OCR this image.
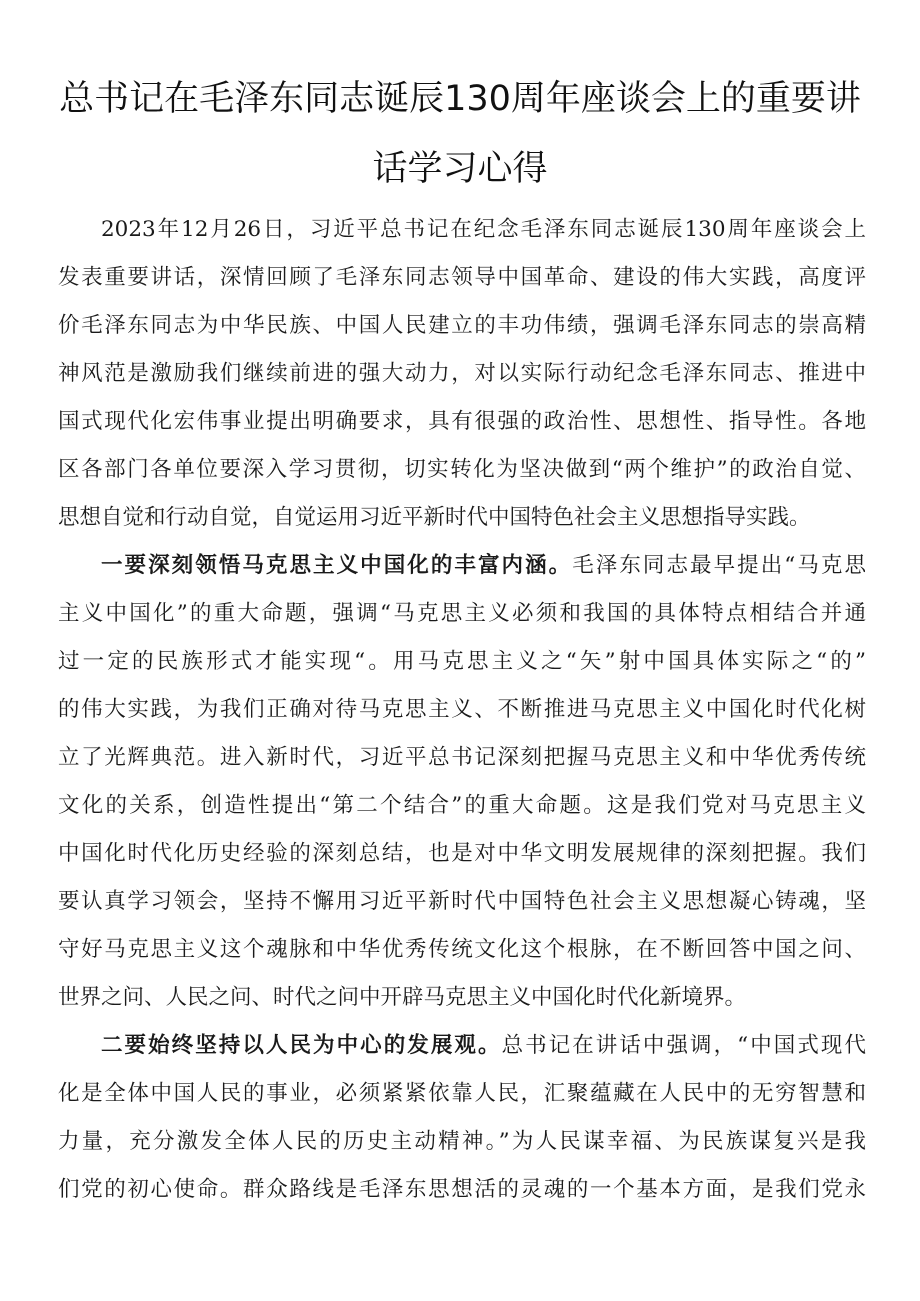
总书记在毛泽东同志诞辰130周年座谈会上的重要讲
话学习心得
2023年12月26日，习近平总书记在纪念毛泽东同志诞辰130周年座谈会上
发表重要讲话，深情回顾了毛泽东同志领导中国革命、建设的伟大实践，高度评
价毛泽东同志为中华民族、中国人民建立的丰功伟绩，强调毛泽东同志的崇高精
神风范是激励我们继续前进的强大动力，对以实际行动纪念毛泽东同志、推进中
国式现代化宏伟事业提出明确要求，具有很强的政治性、思想性、指导性。各地
区各部门各单位要深入学习贯彻，切实转化为坚决做到“两个维护”的政治自觉、
思想自觉和行动自觉，自觉运用习近平新时代中国特色社会主义思想指导实践。
一要深刻领悟马克思主义中国化的丰富内涵。毛泽东同志最早提出“马克思
主义中国化”的重大命题，强调“马克思主义必须和我国的具体特点相结合并通
过一定的民族形式才能实现“。用马克思主义之“矢”射中国具体实际之“的”
的伟大实践，为我们正确对待马克思主义、不断推进马克思主义中国化时代化树
立了光辉典范。进入新时代，习近平总书记深刻把握马克思主义和中华优秀传统
文化的关系，创造性提出“第二个结合”的重大命题。这是我们党对马克思主义
中国化时代化历史经验的深刻总结，也是对中华文明发展规律的深刻把握。我们
要认真学习领会，坚持不懈用习近平新时代中国特色社会主义思想凝心铸魂，坚
守好马克思主义这个魂脉和中华优秀传统文化这个根脉，在不断回答中国之问、
世界之问、人民之问、时代之问中开辟马克思主义中国化时代化新境界。
二要始终坚持以人民为中心的发展观。总书记在讲话中强调，“中国式现代
化是全体中国人民的事业，必须紧紧依靠人民，汇聚蕴藏在人民中的无穷智慧和
力量，充分激发全体人民的历史主动精神。”为人民谋幸福、为民族谋复兴是我
们党的初心使命。群众路线是毛泽东思想活的灵魂的一个基本方面，是我们党永
